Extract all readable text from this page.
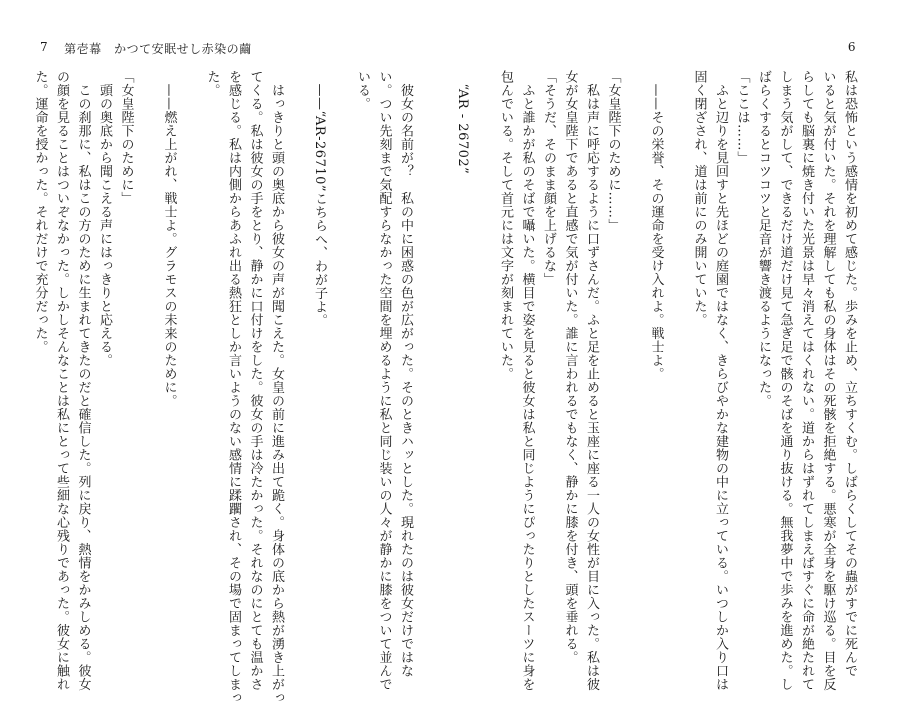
7 第壱幕　かつて安眠せし赤染の繭	6
私は恐怖という感情を初めて感じた。歩みを止め、立ちすくむ。しばらくしてその蟲がすでに死んで
いると気が付いた。それを理解しても私の身体はその死骸を拒絶する。悪寒が全身を駆け巡る。目を反
らしても脳裏に焼き付いた光景は早々消えてはくれない。道からはずれてしまえばすぐに命が絶たれて
しまう気がして、できるだけ道だけ見て急ぎ足で骸のそばを通り抜ける。無我夢中で歩みを進めた。し
ばらくするとコツコツと足音が響き渡るようになった。
「ここは……」
　ふと辺りを見回すと先ほどの庭園ではなく、きらびやかな建物の中に立っている。いつしか入り口は
固く閉ざされ、道は前にのみ開いていた。

　——その栄誉、その運命を受け入れよ。戦士よ。

「女皇陛下のために……」
　私は声に呼応するように口ずさんだ。ふと足を止めると玉座に座る一人の女性が目に入った。私は彼
女が女皇陛下であると直感で気が付いた。誰に言われるでもなく、静かに膝を付き、頭を垂れる。
「そうだ、そのまま顔を上げるな」
　ふと誰かが私のそばで囁いた。横目で姿を見ると彼女は私と同じようにぴったりとしたスーツに身を
包んでいる。そして首元には文字が刻まれていた。

　“AR - 26702”
　彼女の名前が？　私の中に困惑の色が広がった。そのときハッとした。現れたのは彼女だけではな
い。つい先刻まで気配すらなかった空間を埋めるように私と同じ装いの人々が静かに膝をついて並んで
いる。

　——“AR-26710”こちらへ、わが子よ。

　はっきりと頭の奥底から彼女の声が聞こえた。女皇の前に進み出て跪く。身体の底から熱が湧き上がっ
てくる。私は彼女の手をとり、静かに口付けをした。彼女の手は冷たかった。それなのにとても温かさ
を感じる。私は内側からあふれ出る熱狂としか言いようのない感情に蹂躙され、その場で固まってしまっ
た。

　——燃え上がれ、戦士よ。グラモスの未来のために。

「女皇陛下のために」
　頭の奥底から聞こえる声にはっきりと応える。
　この刹那に、私はこの方のために生まれてきたのだと確信した。列に戻り、熱情をかみしめる。彼女
の顔を見ることはついぞなかった。しかしそんなことは私にとって些細な心残りであった。彼女に触れ
た。運命を授かった。それだけで充分だった。
